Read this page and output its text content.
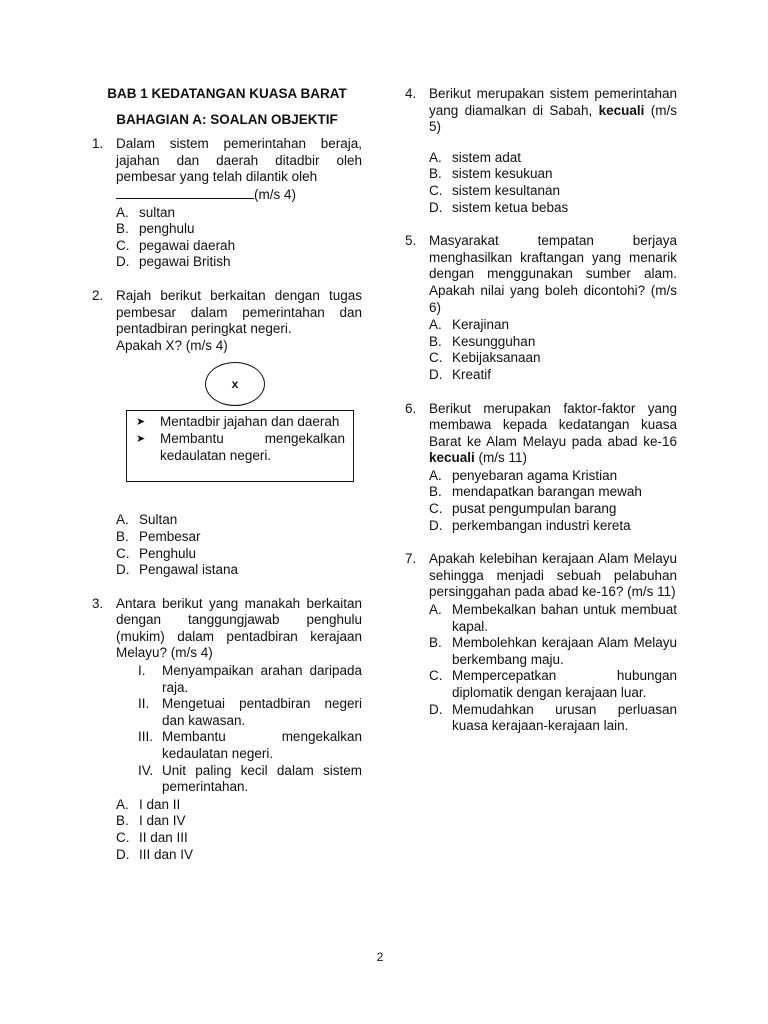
BAB 1 KEDATANGAN KUASA BARAT
BAHAGIAN A: SOALAN OBJEKTIF
1. Dalam sistem pemerintahan beraja,
jajahan dan daerah ditadbir oleh
pembesar yang telah dilantik oleh
(m/s 4)
A. sultan
B. penghulu
C. pegawai daerah
D. pegawai British
2. Rajah berikut berkaitan dengan tugas pembesar dalam pemerintahan dan pentadbiran peringkat negeri.
Apakah X? (m/s 4)
x
➤	Mentadbir jajahan dan daerah
➤	Membantu mengekalkan kedaulatan negeri.
A. Sultan
B. Pembesar
C. Penghulu
D. Pengawal istana
3. Antara berikut yang manakah berkaitan dengan tanggungjawab penghulu (mukim) dalam pentadbiran kerajaan Melayu? (m/s 4)
I.	Menyampaikan arahan daripada raja.
II. Mengetuai pentadbiran negeri dan kawasan.
III. Membantu mengekalkan kedaulatan negeri.
IV. Unit paling kecil dalam sistem pemerintahan.
A. I dan II
B. I dan IV
C. II dan III
D. III dan IV
4. Berikut merupakan sistem pemerintahan yang diamalkan di Sabah, kecuali (m/s 5)
A. sistem adat
B. sistem kesukuan
C. sistem kesultanan
D. sistem ketua bebas
5. Masyarakat tempatan berjaya menghasilkan kraftangan yang menarik dengan menggunakan sumber alam. Apakah nilai yang boleh dicontohi? (m/s 6)
A. Kerajinan
B. Kesungguhan
C. Kebijaksanaan
D. Kreatif
6. Berikut merupakan faktor-faktor yang membawa kepada kedatangan kuasa Barat ke Alam Melayu pada abad ke-16 kecuali (m/s 11)
A. penyebaran agama Kristian
B. mendapatkan barangan mewah
C. pusat pengumpulan barang
D. perkembangan industri kereta
7. Apakah kelebihan kerajaan Alam Melayu sehingga menjadi sebuah pelabuhan persinggahan pada abad ke-16? (m/s 11)
A. Membekalkan bahan untuk membuat kapal.
B. Membolehkan kerajaan Alam Melayu berkembang maju.
C. Mempercepatkan hubungan diplomatik dengan kerajaan luar.
D. Memudahkan urusan perluasan kuasa kerajaan-kerajaan lain.
2
